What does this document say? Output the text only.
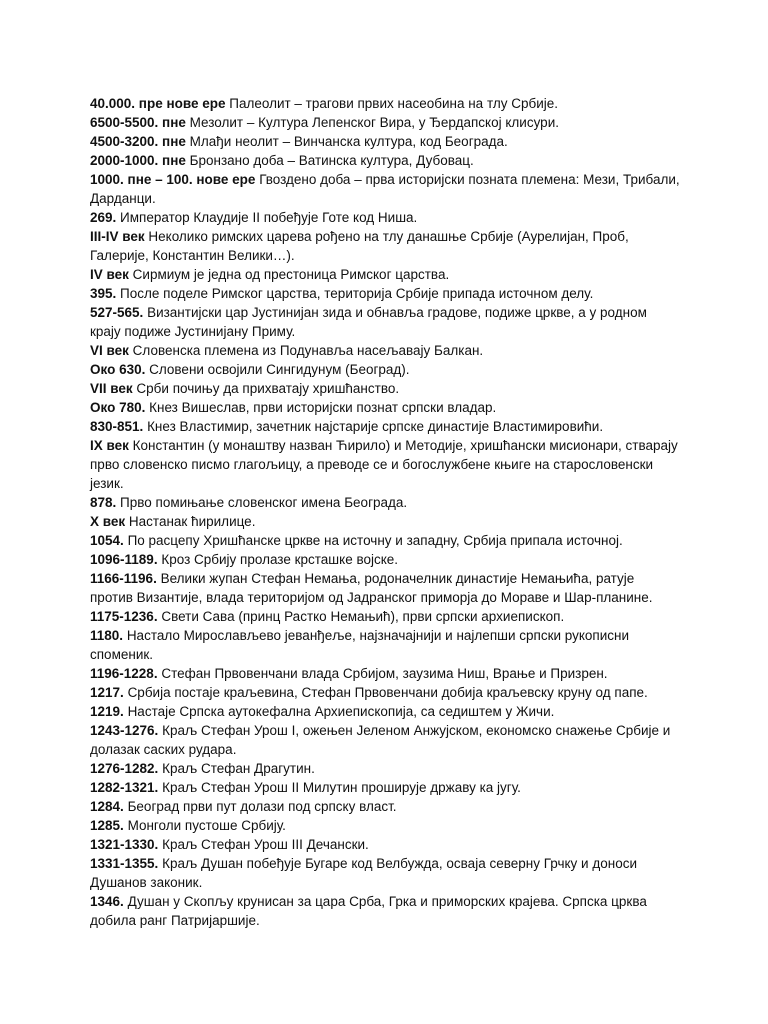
40.000. пре нове ере Палеолит – трагови првих насеобина на тлу Србије.

6500-5500. пне Мезолит – Култура Лепенског Вира, у Ђердапској клисури.

4500-3200. пне Млађи неолит – Винчанска култура, код Београда.

2000-1000. пне Бронзано доба – Ватинска култура, Дубовац.

1000. пне – 100. нове ере Гвоздено доба – прва историјски позната племена: Мези, Трибали, Дарданци.

269. Император Клаудије II побеђује Готе код Ниша.

III-IV век Неколико римских царева рођено на тлу данашње Србије (Аурелијан, Проб, Галерије, Константин Велики…).

IV век Сирмиум је једна од престоница Римског царства.

395. После поделе Римског царства, територија Србије припада источном делу.

527-565. Византијски цар Јустинијан зида и обнавља градове, подиже цркве, а у родном крају подиже Јустинијану Приму.

VI век Словенска племена из Подунавља насељавају Балкан.

Око 630. Словени освојили Сингидунум (Београд).

VII век Срби почињу да прихватају хришћанство.

Око 780. Кнез Вишеслав, први историјски познат српски владар.

830-851. Кнез Властимир, зачетник најстарије српске династије Властимировићи.

IX век Константин (у монаштву назван Ћирило) и Методије, хришћански мисионари, стварају прво словенско писмо глагољицу, а преводе се и богослужбене књиге на старословенски језик.

878. Прво помињање словенског имена Београда.

X век Настанак ћирилице.

1054. По расцепу Хришћанске цркве на источну и западну, Србија припала источној.

1096-1189. Кроз Србију пролазе крсташке војске.

1166-1196. Велики жупан Стефан Немања, родоначелник династије Немањића, ратује против Византије, влада територијом од Јадранског приморја до Мораве и Шар-планине.

1175-1236. Свети Сава (принц Растко Немањић), први српски архиепископ.

1180. Настало Мирослављево јеванђеље, најзначајнији и најлепши српски рукописни споменик.

1196-1228. Стефан Првовенчани влада Србијом, заузима Ниш, Врање и Призрен.

1217. Србија постаје краљевина, Стефан Првовенчани добија краљевску круну од папе.

1219. Настаје Српска аутокефална Архиепископија, са седиштем у Жичи.

1243-1276. Краљ Стефан Урош I, ожењен Јеленом Анжујском, економско снажење Србије и долазак саских рудара.

1276-1282. Краљ Стефан Драгутин.

1282-1321. Краљ Стефан Урош II Милутин проширује државу ка југу.

1284. Београд први пут долази под српску власт.

1285. Монголи пустоше Србију.

1321-1330. Краљ Стефан Урош III Дечански.

1331-1355. Краљ Душан побеђује Бугаре код Велбужда, осваја северну Грчку и доноси Душанов законик.

1346. Душан у Скопљу крунисан за цара Срба, Грка и приморских крајева. Српска црква добила ранг Патријаршије.
